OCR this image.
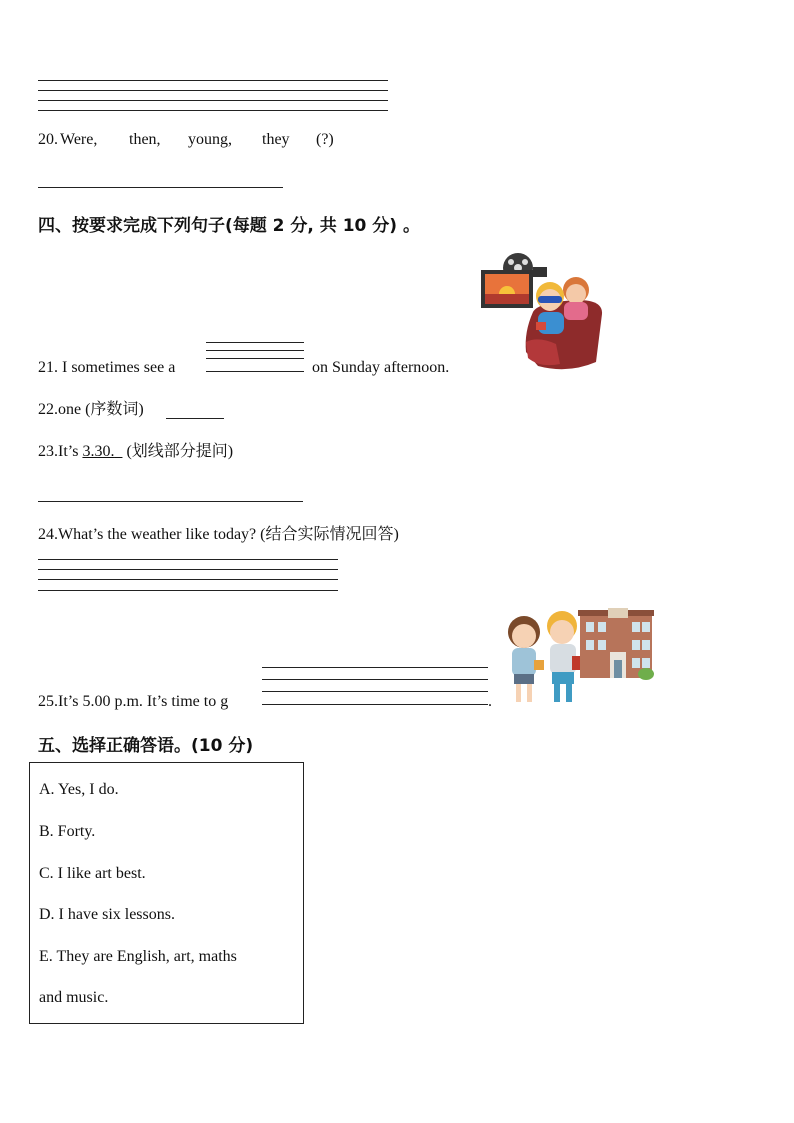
20. Were, then, young, they (?)
四、按要求完成下列句子(每题 2 分, 共 10 分) 。
21. I sometimes see a	on Sunday afternoon.
22.one (序数词)
23.It’s 3.30. (划线部分提问)
24.What’s the weather like today? (结合实际情况回答)
25.It’s 5.00 p.m. It’s time to g	.
五、选择正确答语。(10 分)
A. Yes, I do.
B. Forty.
C. I like art best.
D. I have six lessons.
E. They are English, art, maths
and music.
